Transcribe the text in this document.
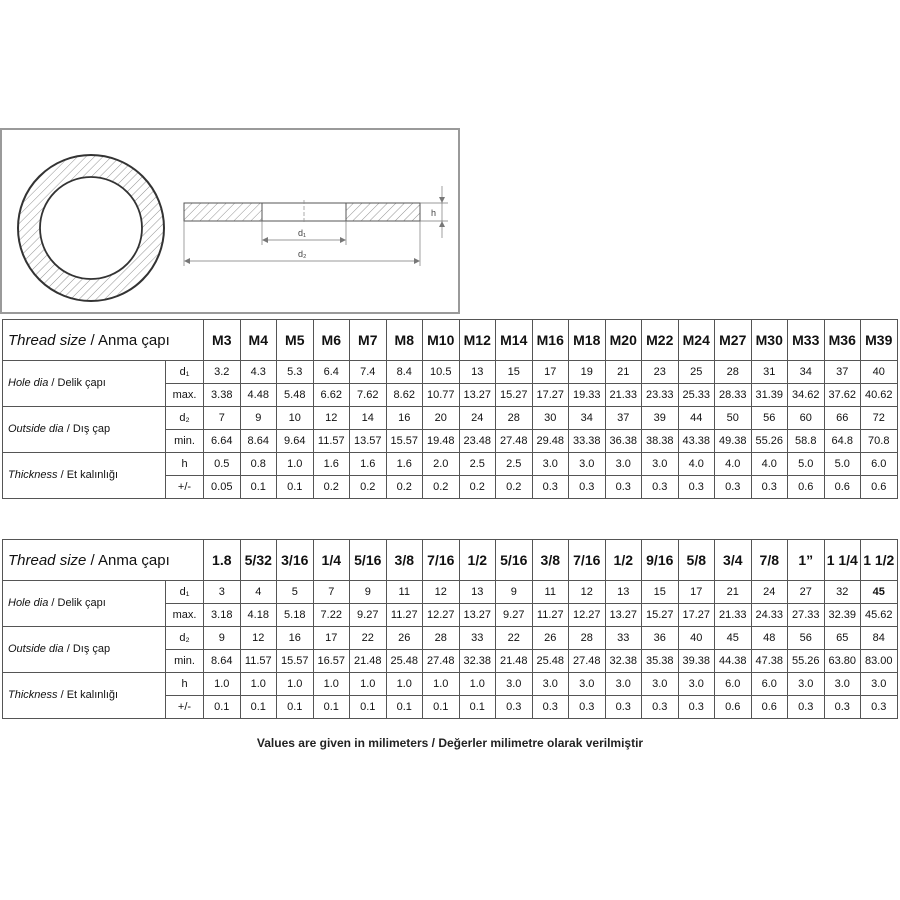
h
d₁
d₂
Thread size / Anma çapı		M3	M4	M5	M6	M7	M8	M10	M12	M14	M16	M18	M20	M22	M24	M27	M30	M33	M36	M39
Hole dia / Delik çapı	d₁	3.2	4.3	5.3	6.4	7.4	8.4	10.5	13	15	17	19	21	23	25	28	31	34	37	40
	max.	3.38	4.48	5.48	6.62	7.62	8.62	10.77	13.27	15.27	17.27	19.33	21.33	23.33	25.33	28.33	31.39	34.62	37.62	40.62
Outside dia / Dış çap	d₂	7	9	10	12	14	16	20	24	28	30	34	37	39	44	50	56	60	66	72
	min.	6.64	8.64	9.64	11.57	13.57	15.57	19.48	23.48	27.48	29.48	33.38	36.38	38.38	43.38	49.38	55.26	58.8	64.8	70.8
Thickness / Et kalınlığı	h	0.5	0.8	1.0	1.6	1.6	1.6	2.0	2.5	2.5	3.0	3.0	3.0	3.0	4.0	4.0	4.0	5.0	5.0	6.0
	+/-	0.05	0.1	0.1	0.2	0.2	0.2	0.2	0.2	0.2	0.3	0.3	0.3	0.3	0.3	0.3	0.3	0.6	0.6	0.6
Thread size / Anma çapı		1.8	5/32	3/16	1/4	5/16	3/8	7/16	1/2	5/16	3/8	7/16	1/2	9/16	5/8	3/4	7/8	1”	1 1/4	1 1/2
Hole dia / Delik çapı	d₁	3	4	5	7	9	11	12	13	9	11	12	13	15	17	21	24	27	32	45
	max.	3.18	4.18	5.18	7.22	9.27	11.27	12.27	13.27	9.27	11.27	12.27	13.27	15.27	17.27	21.33	24.33	27.33	32.39	45.62
Outside dia / Dış çap	d₂	9	12	16	17	22	26	28	33	22	26	28	33	36	40	45	48	56	65	84
	min.	8.64	11.57	15.57	16.57	21.48	25.48	27.48	32.38	21.48	25.48	27.48	32.38	35.38	39.38	44.38	47.38	55.26	63.80	83.00
Thickness / Et kalınlığı	h	1.0	1.0	1.0	1.0	1.0	1.0	1.0	1.0	3.0	3.0	3.0	3.0	3.0	3.0	6.0	6.0	3.0	3.0	3.0
	+/-	0.1	0.1	0.1	0.1	0.1	0.1	0.1	0.1	0.3	0.3	0.3	0.3	0.3	0.3	0.6	0.6	0.3	0.3	0.3
Values are given in milimeters / Değerler milimetre olarak verilmiştir
